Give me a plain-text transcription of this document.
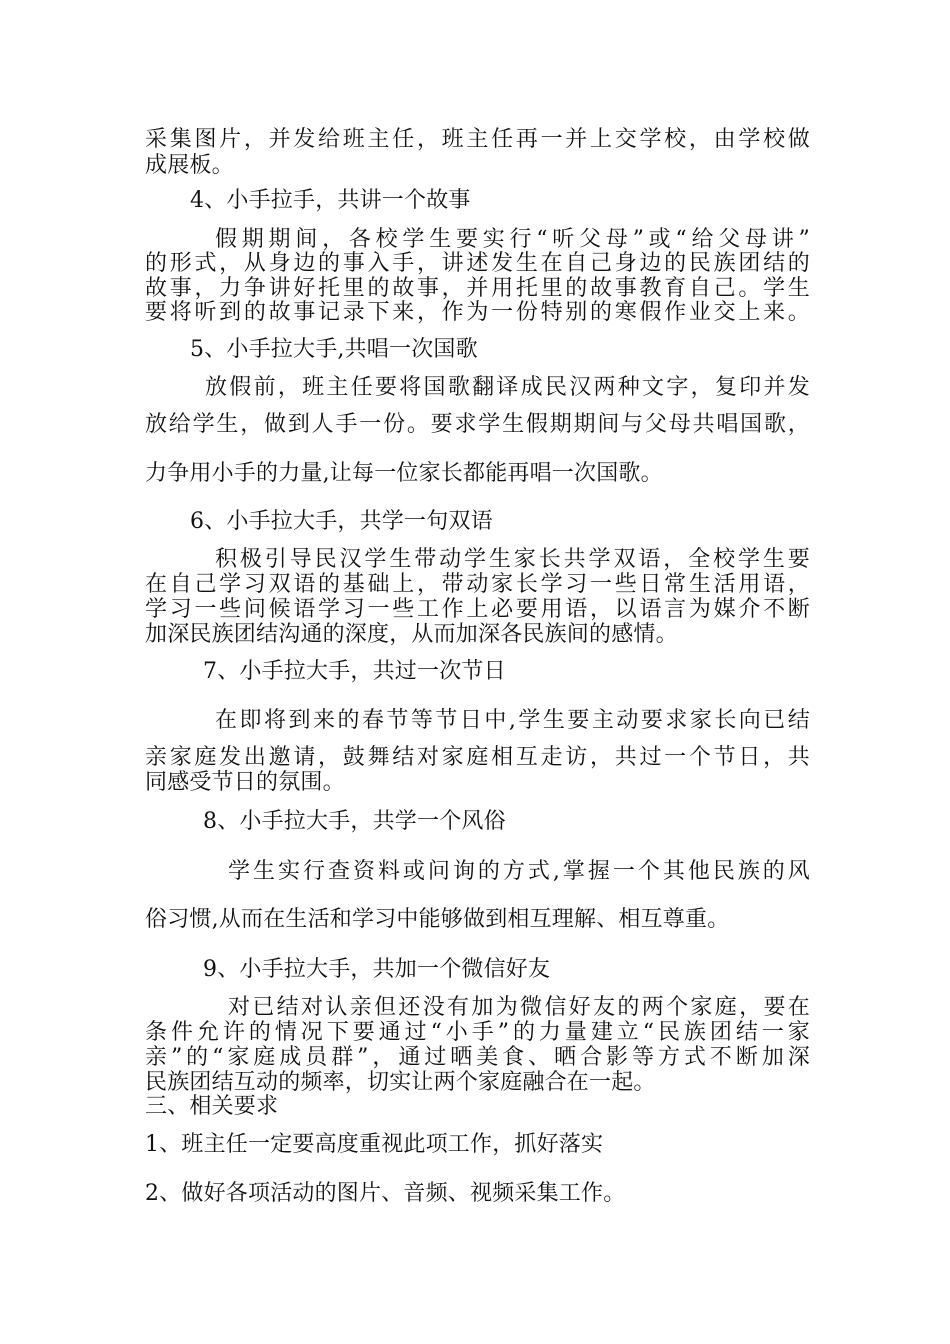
采集图片，并发给班主任，班主任再一并上交学校，由学校做
成展板。
4、小手拉手，共讲一个故事
假期期间，各校学生要实行“听父母”或“给父母讲”
的形式，从身边的事入手，讲述发生在自己身边的民族团结的
故事，力争讲好托里的故事，并用托里的故事教育自己。学生
要将听到的故事记录下来，作为一份特别的寒假作业交上来。
5、小手拉大手,共唱一次国歌
放假前，班主任要将国歌翻译成民汉两种文字，复印并发
放给学生，做到人手一份。要求学生假期期间与父母共唱国歌，
力争用小手的力量,让每一位家长都能再唱一次国歌。
6、小手拉大手，共学一句双语
积极引导民汉学生带动学生家长共学双语，全校学生要
在自己学习双语的基础上，带动家长学习一些日常生活用语，
学习一些问候语学习一些工作上必要用语，以语言为媒介不断
加深民族团结沟通的深度，从而加深各民族间的感情。
7、小手拉大手，共过一次节日
在即将到来的春节等节日中,学生要主动要求家长向已结
亲家庭发出邀请，鼓舞结对家庭相互走访，共过一个节日，共
同感受节日的氛围。
8、小手拉大手，共学一个风俗
学生实行查资料或问询的方式,掌握一个其他民族的风
俗习惯,从而在生活和学习中能够做到相互理解、相互尊重。
9、小手拉大手，共加一个微信好友
对已结对认亲但还没有加为微信好友的两个家庭，要在
条件允许的情况下要通过“小手”的力量建立“民族团结一家
亲”的“家庭成员群”，通过晒美食、晒合影等方式不断加深
民族团结互动的频率，切实让两个家庭融合在一起。
三、相关要求
1、班主任一定要高度重视此项工作，抓好落实
2、做好各项活动的图片、音频、视频采集工作。
